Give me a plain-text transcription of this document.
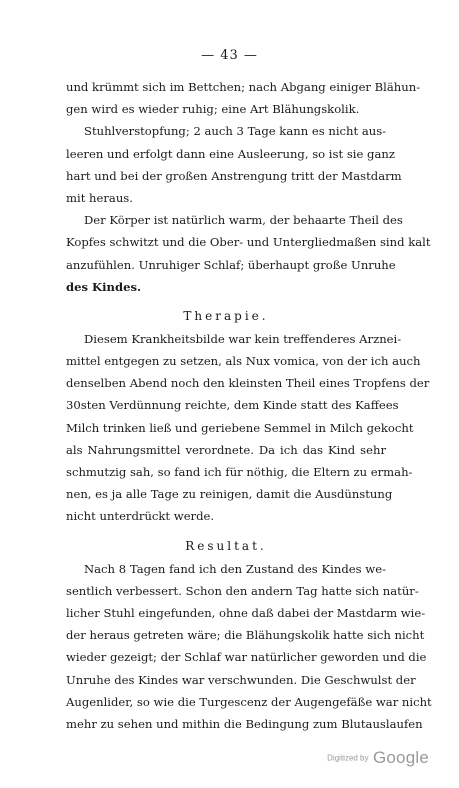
— 43 —
und krümmt sich im Bettchen; nach Abgang einiger Blähun-
gen wird es wieder ruhig; eine Art Blähungskolik.
Stuhlverstopfung; 2 auch 3 Tage kann es nicht aus-
leeren und erfolgt dann eine Ausleerung, so ist sie ganz
hart und bei der großen Anstrengung tritt der Mastdarm
mit heraus.
Der Körper ist natürlich warm, der behaarte Theil des
Kopfes schwitzt und die Ober- und Untergliedmaßen sind kalt
anzufühlen. Unruhiger Schlaf; überhaupt große Unruhe
des Kindes.
Therapie.
Diesem Krankheitsbilde war kein treffenderes Arznei-
mittel entgegen zu setzen, als Nux vomica, von der ich auch
denselben Abend noch den kleinsten Theil eines Tropfens der
30sten Verdünnung reichte, dem Kinde statt des Kaffees
Milch trinken ließ und geriebene Semmel in Milch gekocht
als Nahrungsmittel verordnete. Da ich das Kind sehr
schmutzig sah, so fand ich für nöthig, die Eltern zu ermah-
nen, es ja alle Tage zu reinigen, damit die Ausdünstung
nicht unterdrückt werde.
Resultat.
Nach 8 Tagen fand ich den Zustand des Kindes we-
sentlich verbessert. Schon den andern Tag hatte sich natür-
licher Stuhl eingefunden, ohne daß dabei der Mastdarm wie-
der heraus getreten wäre; die Blähungskolik hatte sich nicht
wieder gezeigt; der Schlaf war natürlicher geworden und die
Unruhe des Kindes war verschwunden. Die Geschwulst der
Augenlider, so wie die Turgescenz der Augengefäße war nicht
mehr zu sehen und mithin die Bedingung zum Blutauslaufen
Digitized by Google
